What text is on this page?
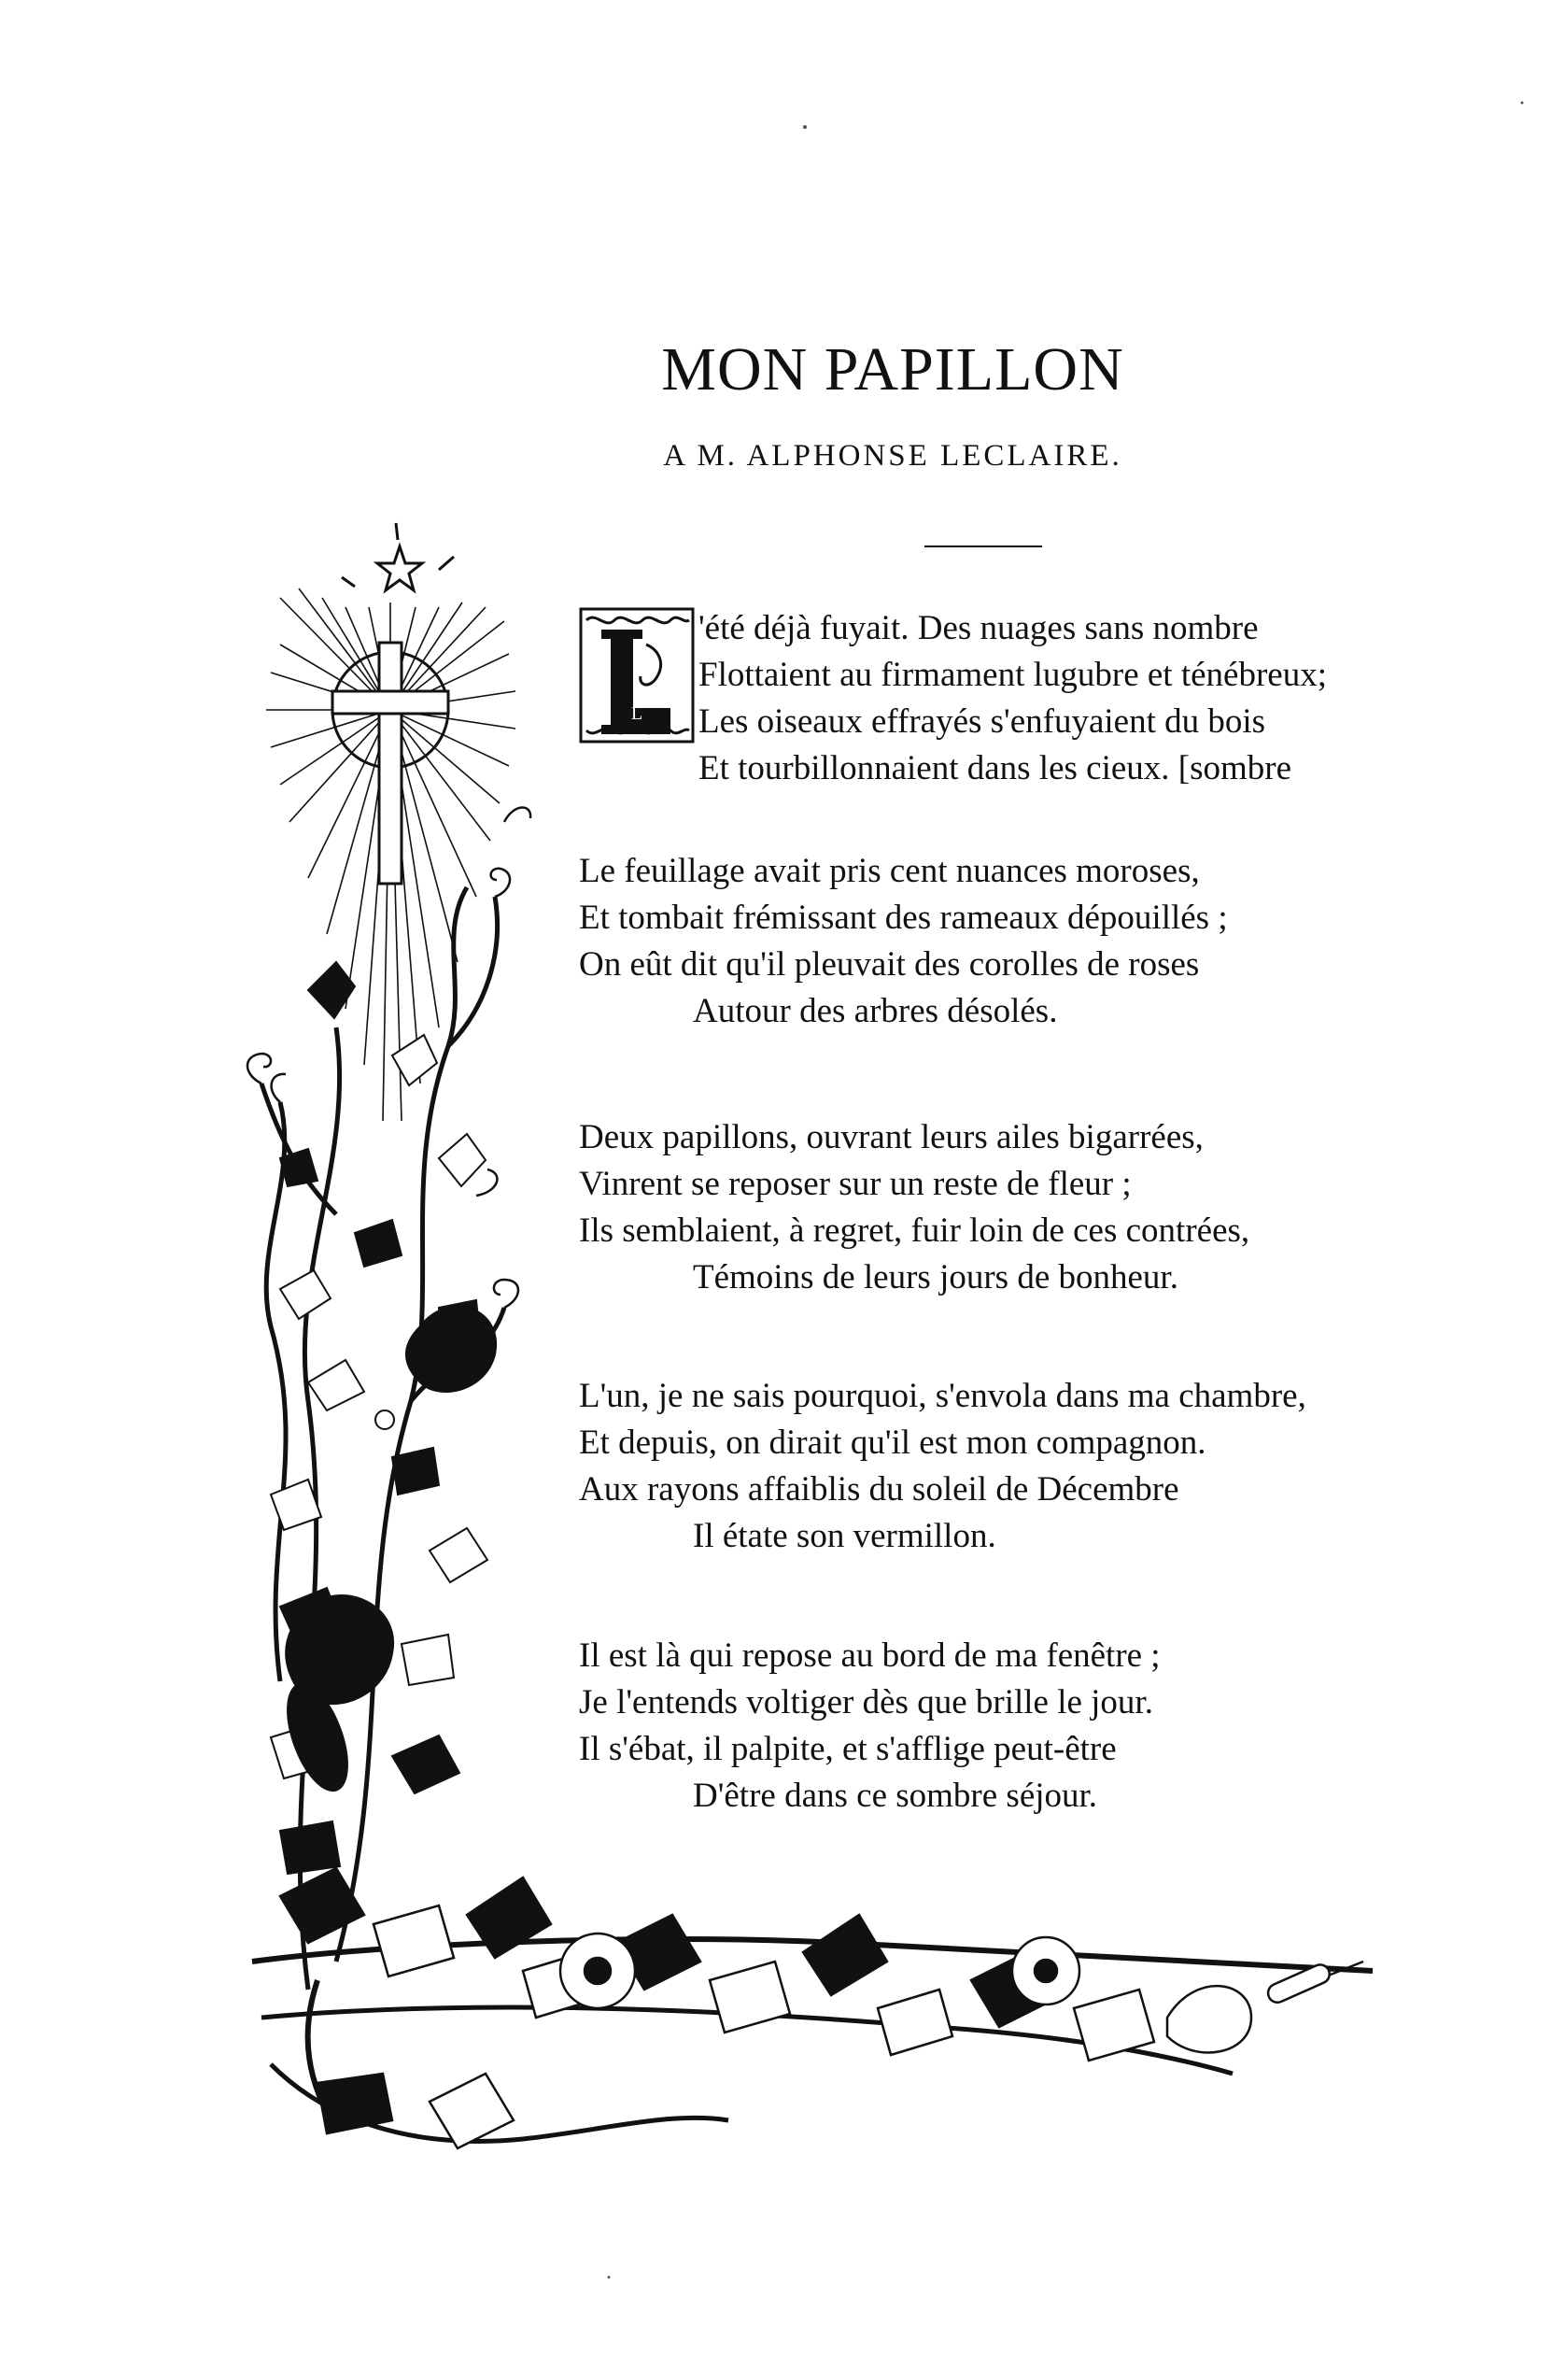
MON PAPILLON
A M. ALPHONSE LECLAIRE.
L
'été déjà fuyait. Des nuages sans nombre
Flottaient au firmament lugubre et ténébreux;
Les oiseaux effrayés s'enfuyaient du bois
Et tourbillonnaient dans les cieux. [sombre
Le feuillage avait pris cent nuances moroses,
Et tombait frémissant des rameaux dépouillés ;
On eût dit qu'il pleuvait des corolles de roses
Autour des arbres désolés.
Deux papillons, ouvrant leurs ailes bigarrées,
Vinrent se reposer sur un reste de fleur ;
Ils semblaient, à regret, fuir loin de ces contrées,
Témoins de leurs jours de bonheur.
L'un, je ne sais pourquoi, s'envola dans ma chambre,
Et depuis, on dirait qu'il est mon compagnon.
Aux rayons affaiblis du soleil de Décembre
Il étate son vermillon.
Il est là qui repose au bord de ma fenêtre ;
Je l'entends voltiger dès que brille le jour.
Il s'ébat, il palpite, et s'afflige peut-être
D'être dans ce sombre séjour.
